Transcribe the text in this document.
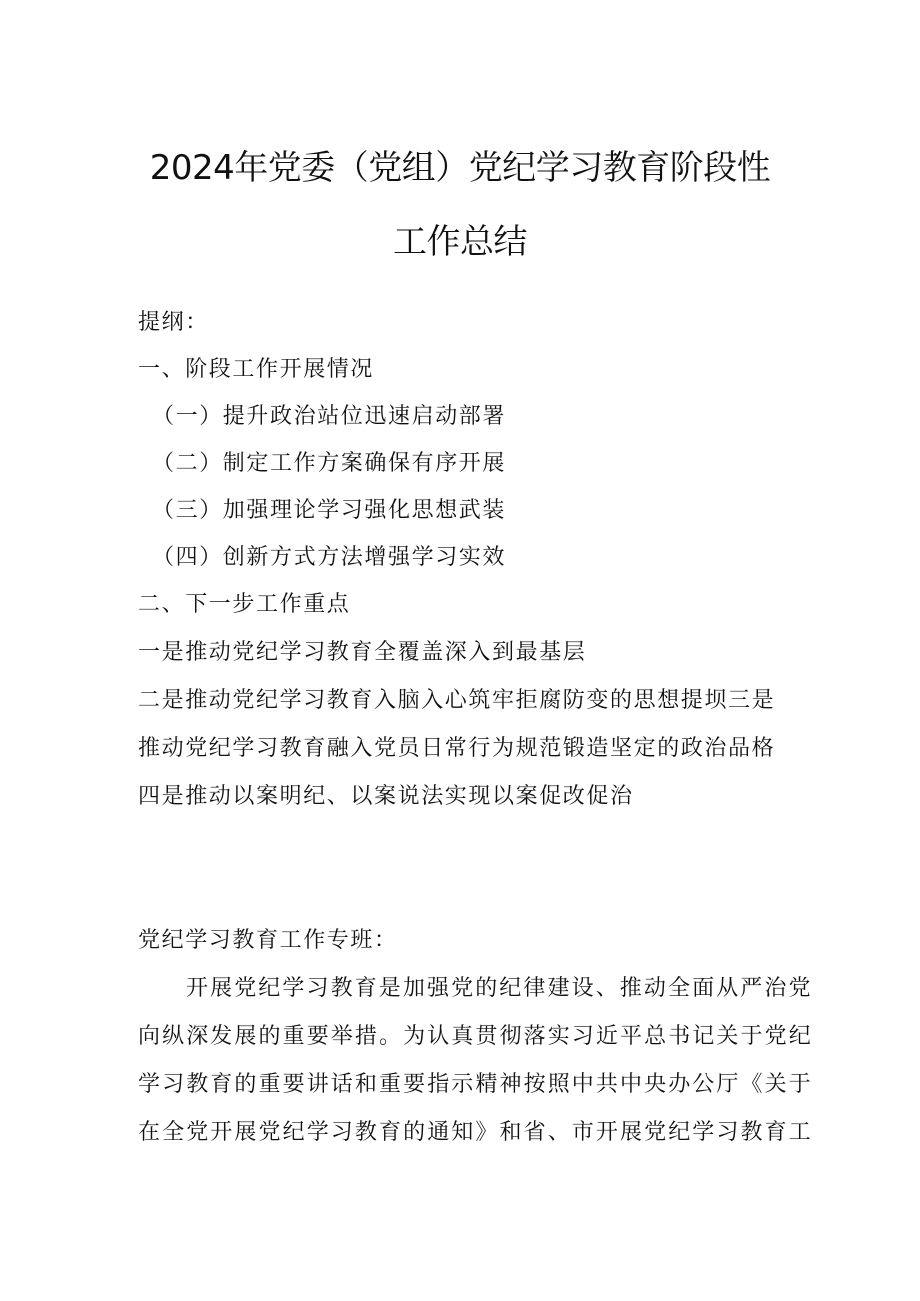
2024年党委（党组）党纪学习教育阶段性
工作总结
提纲：
一、阶段工作开展情况
（一）提升政治站位迅速启动部署
（二）制定工作方案确保有序开展
（三）加强理论学习强化思想武装
（四）创新方式方法增强学习实效
二、下一步工作重点
一是推动党纪学习教育全覆盖深入到最基层
二是推动党纪学习教育入脑入心筑牢拒腐防变的思想提坝三是
推动党纪学习教育融入党员日常行为规范锻造坚定的政治品格
四是推动以案明纪、以案说法实现以案促改促治
党纪学习教育工作专班：
开展党纪学习教育是加强党的纪律建设、推动全面从严治党
向纵深发展的重要举措。为认真贯彻落实习近平总书记关于党纪
学习教育的重要讲话和重要指示精神按照中共中央办公厅《关于
在全党开展党纪学习教育的通知》和省、市开展党纪学习教育工
